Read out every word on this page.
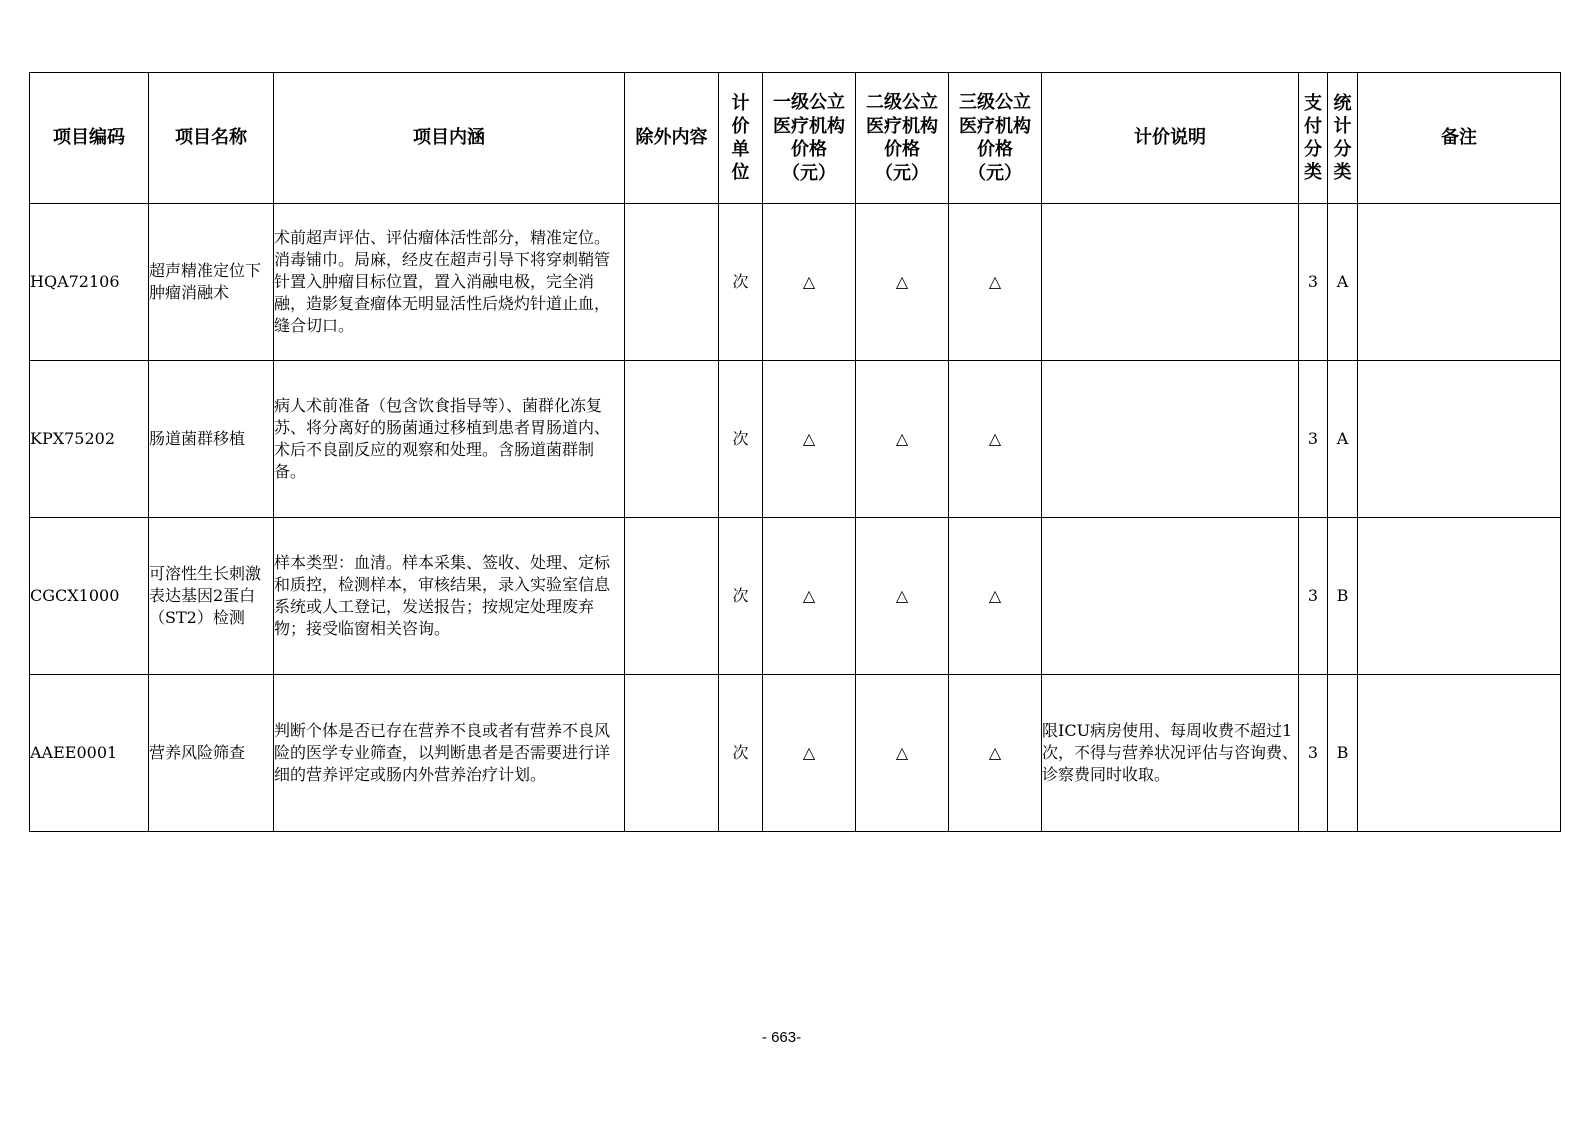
项目编码	项目名称	项目内涵	除外内容	计价单位	一级公立医疗机构价格（元）	二级公立医疗机构价格（元）	三级公立医疗机构价格（元）	计价说明	支付分类	统计分类	备注
HQA72106	超声精准定位下肿瘤消融术	术前超声评估、评估瘤体活性部分，精准定位。消毒铺巾。局麻，经皮在超声引导下将穿刺鞘管针置入肿瘤目标位置，置入消融电极，完全消融，造影复查瘤体无明显活性后烧灼针道止血，缝合切口。		次	△	△	△		3	A	
KPX75202	肠道菌群移植	病人术前准备（包含饮食指导等）、菌群化冻复苏、将分离好的肠菌通过移植到患者胃肠道内、术后不良副反应的观察和处理。含肠道菌群制备。		次	△	△	△		3	A	
CGCX1000	可溶性生长刺激表达基因2蛋白（ST2）检测	样本类型：血清。样本采集、签收、处理、定标和质控，检测样本，审核结果，录入实验室信息系统或人工登记，发送报告；按规定处理废弃物；接受临窗相关咨询。		次	△	△	△		3	B	
AAEE0001	营养风险筛查	判断个体是否已存在营养不良或者有营养不良风险的医学专业筛查，以判断患者是否需要进行详细的营养评定或肠内外营养治疗计划。		次	△	△	△	限ICU病房使用、每周收费不超过1次，不得与营养状况评估与咨询费、诊察费同时收取。	3	B	
- 663-
